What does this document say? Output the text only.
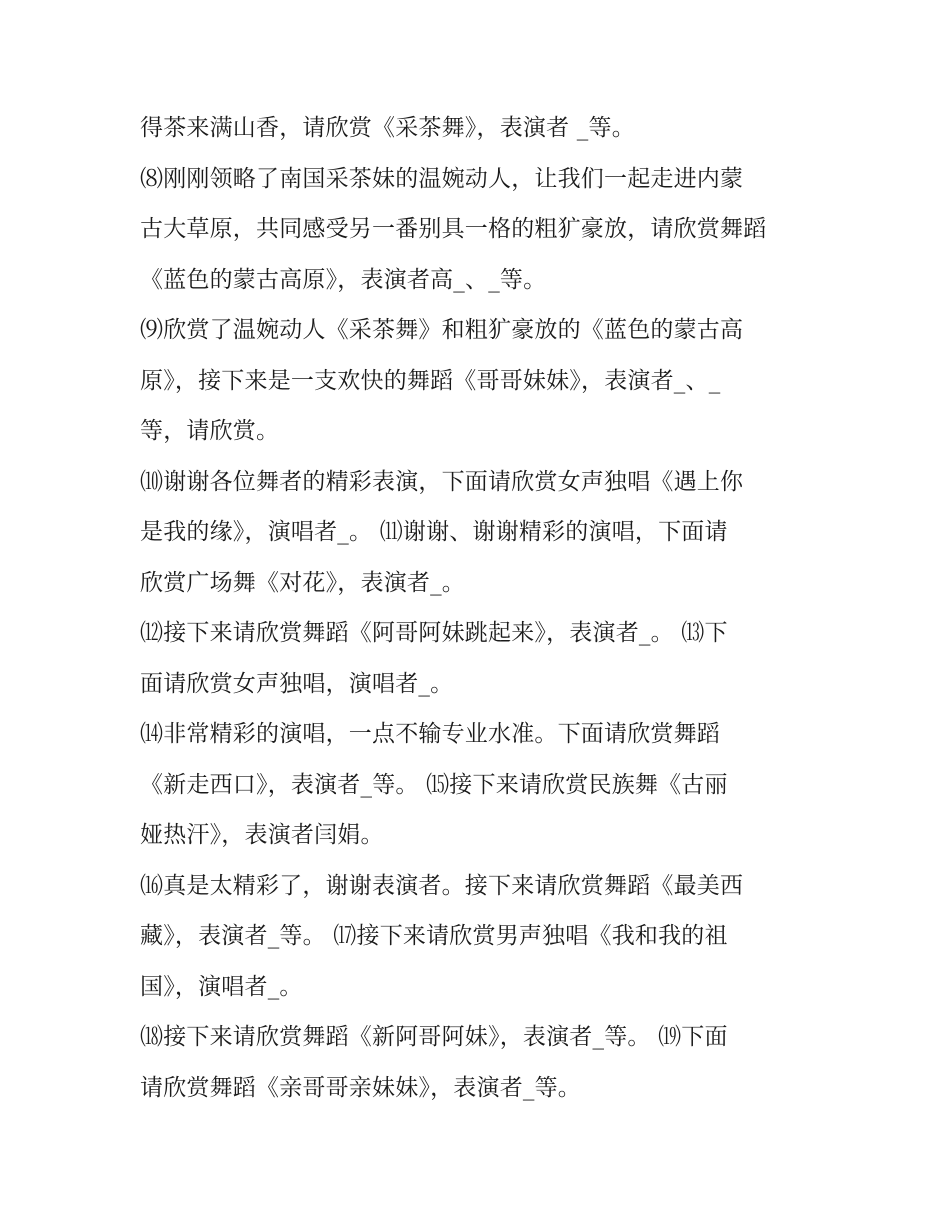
得茶来满山香，请欣赏《采茶舞》，表演者 _等。
⑻刚刚领略了南国采茶妹的温婉动人，让我们一起走进内蒙
古大草原，共同感受另一番别具一格的粗犷豪放，请欣赏舞蹈
《蓝色的蒙古高原》，表演者高_、_等。
⑼欣赏了温婉动人《采茶舞》和粗犷豪放的《蓝色的蒙古高
原》，接下来是一支欢快的舞蹈《哥哥妹妹》，表演者_、_
等，请欣赏。
⑽谢谢各位舞者的精彩表演，下面请欣赏女声独唱《遇上你
是我的缘》，演唱者_。 ⑾谢谢、谢谢精彩的演唱，下面请
欣赏广场舞《对花》，表演者_。
⑿接下来请欣赏舞蹈《阿哥阿妹跳起来》，表演者_。 ⒀下
面请欣赏女声独唱，演唱者_。
⒁非常精彩的演唱，一点不输专业水准。下面请欣赏舞蹈
《新走西口》，表演者_等。 ⒂接下来请欣赏民族舞《古丽
娅热汗》，表演者闫娟。
⒃真是太精彩了，谢谢表演者。接下来请欣赏舞蹈《最美西
藏》，表演者_等。 ⒄接下来请欣赏男声独唱《我和我的祖
国》，演唱者_。
⒅接下来请欣赏舞蹈《新阿哥阿妹》，表演者_等。 ⒆下面
请欣赏舞蹈《亲哥哥亲妹妹》，表演者_等。
